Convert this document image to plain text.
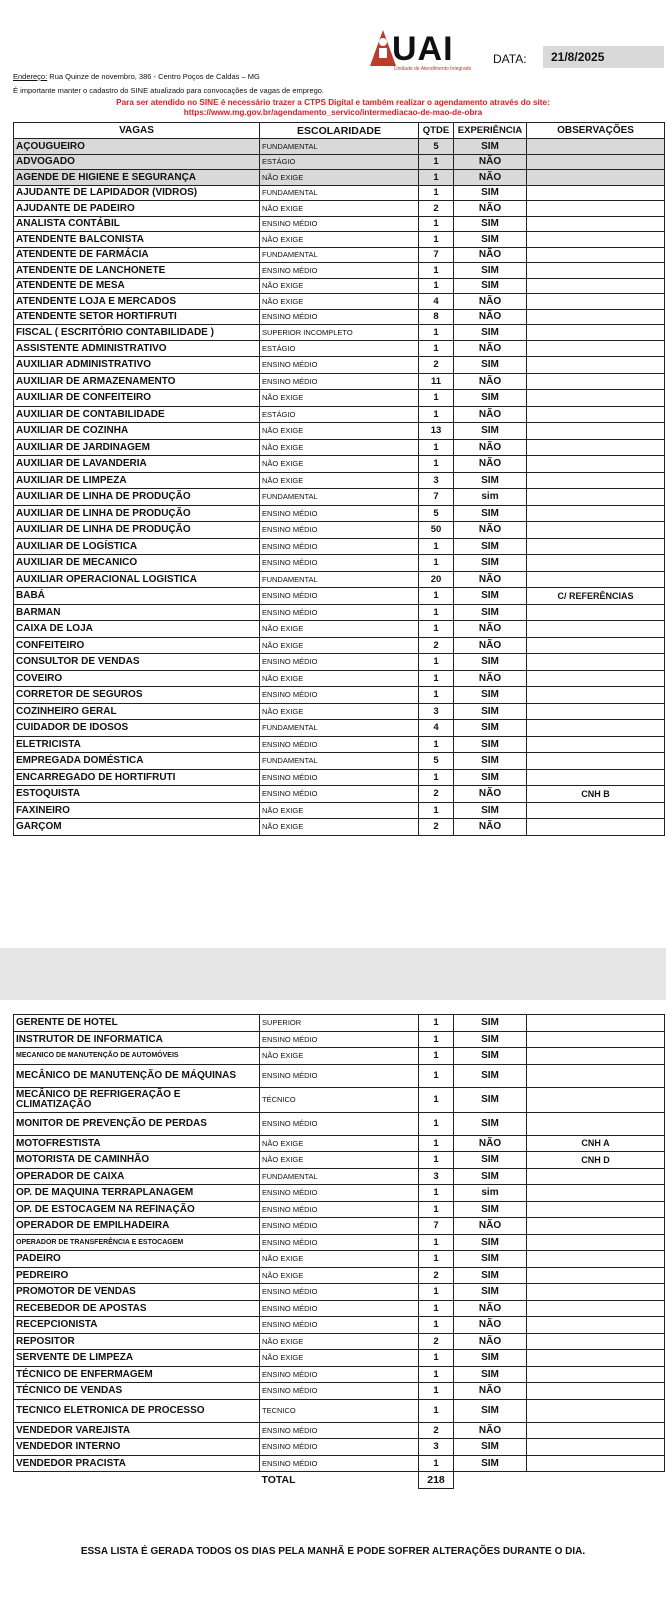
UAI
Unidade de Atendimento Integrado
DATA:	21/8/2025
Endereço: Rua Quinze de novembro, 386 - Centro Poços de Caldas – MG
É importante manter o cadastro do SINE atualizado para convocações de vagas de emprego.
Para ser atendido no SINE é necessário trazer a CTPS Digital e também realizar o agendamento através do site:
https://www.mg.gov.br/agendamento_servico/intermediacao-de-mao-de-obra
VAGAS	ESCOLARIDADE	QTDE	EXPERIÊNCIA	OBSERVAÇÕES
AÇOUGUEIRO	FUNDAMENTAL	5	SIM	
ADVOGADO	ESTÁGIO	1	NÃO	
AGENDE DE HIGIENE E SEGURANÇA	NÃO EXIGE	1	NÃO	
AJUDANTE DE LAPIDADOR (VIDROS)	FUNDAMENTAL	1	SIM	
AJUDANTE DE PADEIRO	NÃO EXIGE	2	NÃO	
ANALISTA CONTÁBIL	ENSINO MÉDIO	1	SIM	
ATENDENTE BALCONISTA	NÃO EXIGE	1	SIM	
ATENDENTE DE FARMÁCIA	FUNDAMENTAL	7	NÃO	
ATENDENTE DE LANCHONETE	ENSINO MÉDIO	1	SIM	
ATENDENTE DE MESA	NÃO EXIGE	1	SIM	
ATENDENTE LOJA E MERCADOS	NÃO EXIGE	4	NÃO	
ATENDENTE SETOR HORTIFRUTI	ENSINO MÉDIO	8	NÃO	
FISCAL ( ESCRITÓRIO CONTABILIDADE )	SUPERIOR INCOMPLETO	1	SIM	
ASSISTENTE ADMINISTRATIVO	ESTÁGIO	1	NÃO	
AUXILIAR ADMINISTRATIVO	ENSINO MÉDIO	2	SIM	
AUXILIAR DE ARMAZENAMENTO	ENSINO MÉDIO	11	NÃO	
AUXILIAR DE CONFEITEIRO	NÃO EXIGE	1	SIM	
AUXILIAR DE CONTABILIDADE	ESTÁGIO	1	NÃO	
AUXILIAR DE COZINHA	NÃO EXIGE	13	SIM	
AUXILIAR DE JARDINAGEM	NÃO EXIGE	1	NÃO	
AUXILIAR DE LAVANDERIA	NÃO EXIGE	1	NÃO	
AUXILIAR DE LIMPEZA	NÃO EXIGE	3	SIM	
AUXILIAR DE LINHA DE PRODUÇÃO	FUNDAMENTAL	7	sim	
AUXILIAR DE LINHA DE PRODUÇÃO	ENSINO MÉDIO	5	SIM	
AUXILIAR DE LINHA DE PRODUÇÃO	ENSINO MÉDIO	50	NÃO	
AUXILIAR DE LOGÍSTICA	ENSINO MÉDIO	1	SIM	
AUXILIAR DE MECANICO	ENSINO MÉDIO	1	SIM	
AUXILIAR OPERACIONAL LOGISTICA	FUNDAMENTAL	20	NÃO	
BABÁ	ENSINO MÉDIO	1	SIM	C/ REFERÊNCIAS
BARMAN	ENSINO MÉDIO	1	SIM	
CAIXA DE LOJA	NÃO EXIGE	1	NÃO	
CONFEITEIRO	NÃO EXIGE	2	NÃO	
CONSULTOR DE VENDAS	ENSINO MÉDIO	1	SIM	
COVEIRO	NÃO EXIGE	1	NÃO	
CORRETOR DE SEGUROS	ENSINO MÉDIO	1	SIM	
COZINHEIRO GERAL	NÃO EXIGE	3	SIM	
CUIDADOR DE IDOSOS	FUNDAMENTAL	4	SIM	
ELETRICISTA	ENSINO MÉDIO	1	SIM	
EMPREGADA DOMÉSTICA	FUNDAMENTAL	5	SIM	
ENCARREGADO DE HORTIFRUTI	ENSINO MÉDIO	1	SIM	
ESTOQUISTA	ENSINO MÉDIO	2	NÃO	CNH B
FAXINEIRO	NÃO EXIGE	1	SIM	
GARÇOM	NÃO EXIGE	2	NÃO	
GERENTE DE HOTEL	SUPERIOR	1	SIM	
INSTRUTOR DE INFORMATICA	ENSINO MÉDIO	1	SIM	
MECANICO DE MANUTENÇÃO DE AUTOMÓVEIS	NÃO EXIGE	1	SIM	
MECÂNICO DE MANUTENÇÃO DE MÁQUINAS	ENSINO MÉDIO	1	SIM	
MECÂNICO DE REFRIGERAÇÃO E CLIMATIZAÇÃO	TÉCNICO	1	SIM	
MONITOR DE PREVENÇÃO DE PERDAS	ENSINO MÉDIO	1	SIM	
MOTOFRESTISTA	NÃO EXIGE	1	NÃO	CNH A
MOTORISTA DE CAMINHÃO	NÃO EXIGE	1	SIM	CNH D
OPERADOR DE CAIXA	FUNDAMENTAL	3	SIM	
OP. DE MAQUINA TERRAPLANAGEM	ENSINO MÉDIO	1	sim	
OP. DE ESTOCAGEM NA REFINAÇÃO	ENSINO MÉDIO	1	SIM	
OPERADOR DE EMPILHADEIRA	ENSINO MÉDIO	7	NÃO	
OPERADOR DE TRANSFERÊNCIA E ESTOCAGEM	ENSINO MÉDIO	1	SIM	
PADEIRO	NÃO EXIGE	1	SIM	
PEDREIRO	NÃO EXIGE	2	SIM	
PROMOTOR DE VENDAS	ENSINO MÉDIO	1	SIM	
RECEBEDOR DE APOSTAS	ENSINO MÉDIO	1	NÃO	
RECEPCIONISTA	ENSINO MÉDIO	1	NÃO	
REPOSITOR	NÃO EXIGE	2	NÃO	
SERVENTE DE LIMPEZA	NÃO EXIGE	1	SIM	
TÉCNICO DE ENFERMAGEM	ENSINO MÉDIO	1	SIM	
TÉCNICO DE VENDAS	ENSINO MÉDIO	1	NÃO	
TECNICO ELETRONICA DE PROCESSO	TECNICO	1	SIM	
VENDEDOR VAREJISTA	ENSINO MÉDIO	2	NÃO	
VENDEDOR INTERNO	ENSINO MÉDIO	3	SIM	
VENDEDOR PRACISTA	ENSINO MÉDIO	1	SIM	
	TOTAL	218		
ESSA LISTA É GERADA TODOS OS DIAS PELA MANHÃ E PODE SOFRER ALTERAÇÕES DURANTE O DIA.
